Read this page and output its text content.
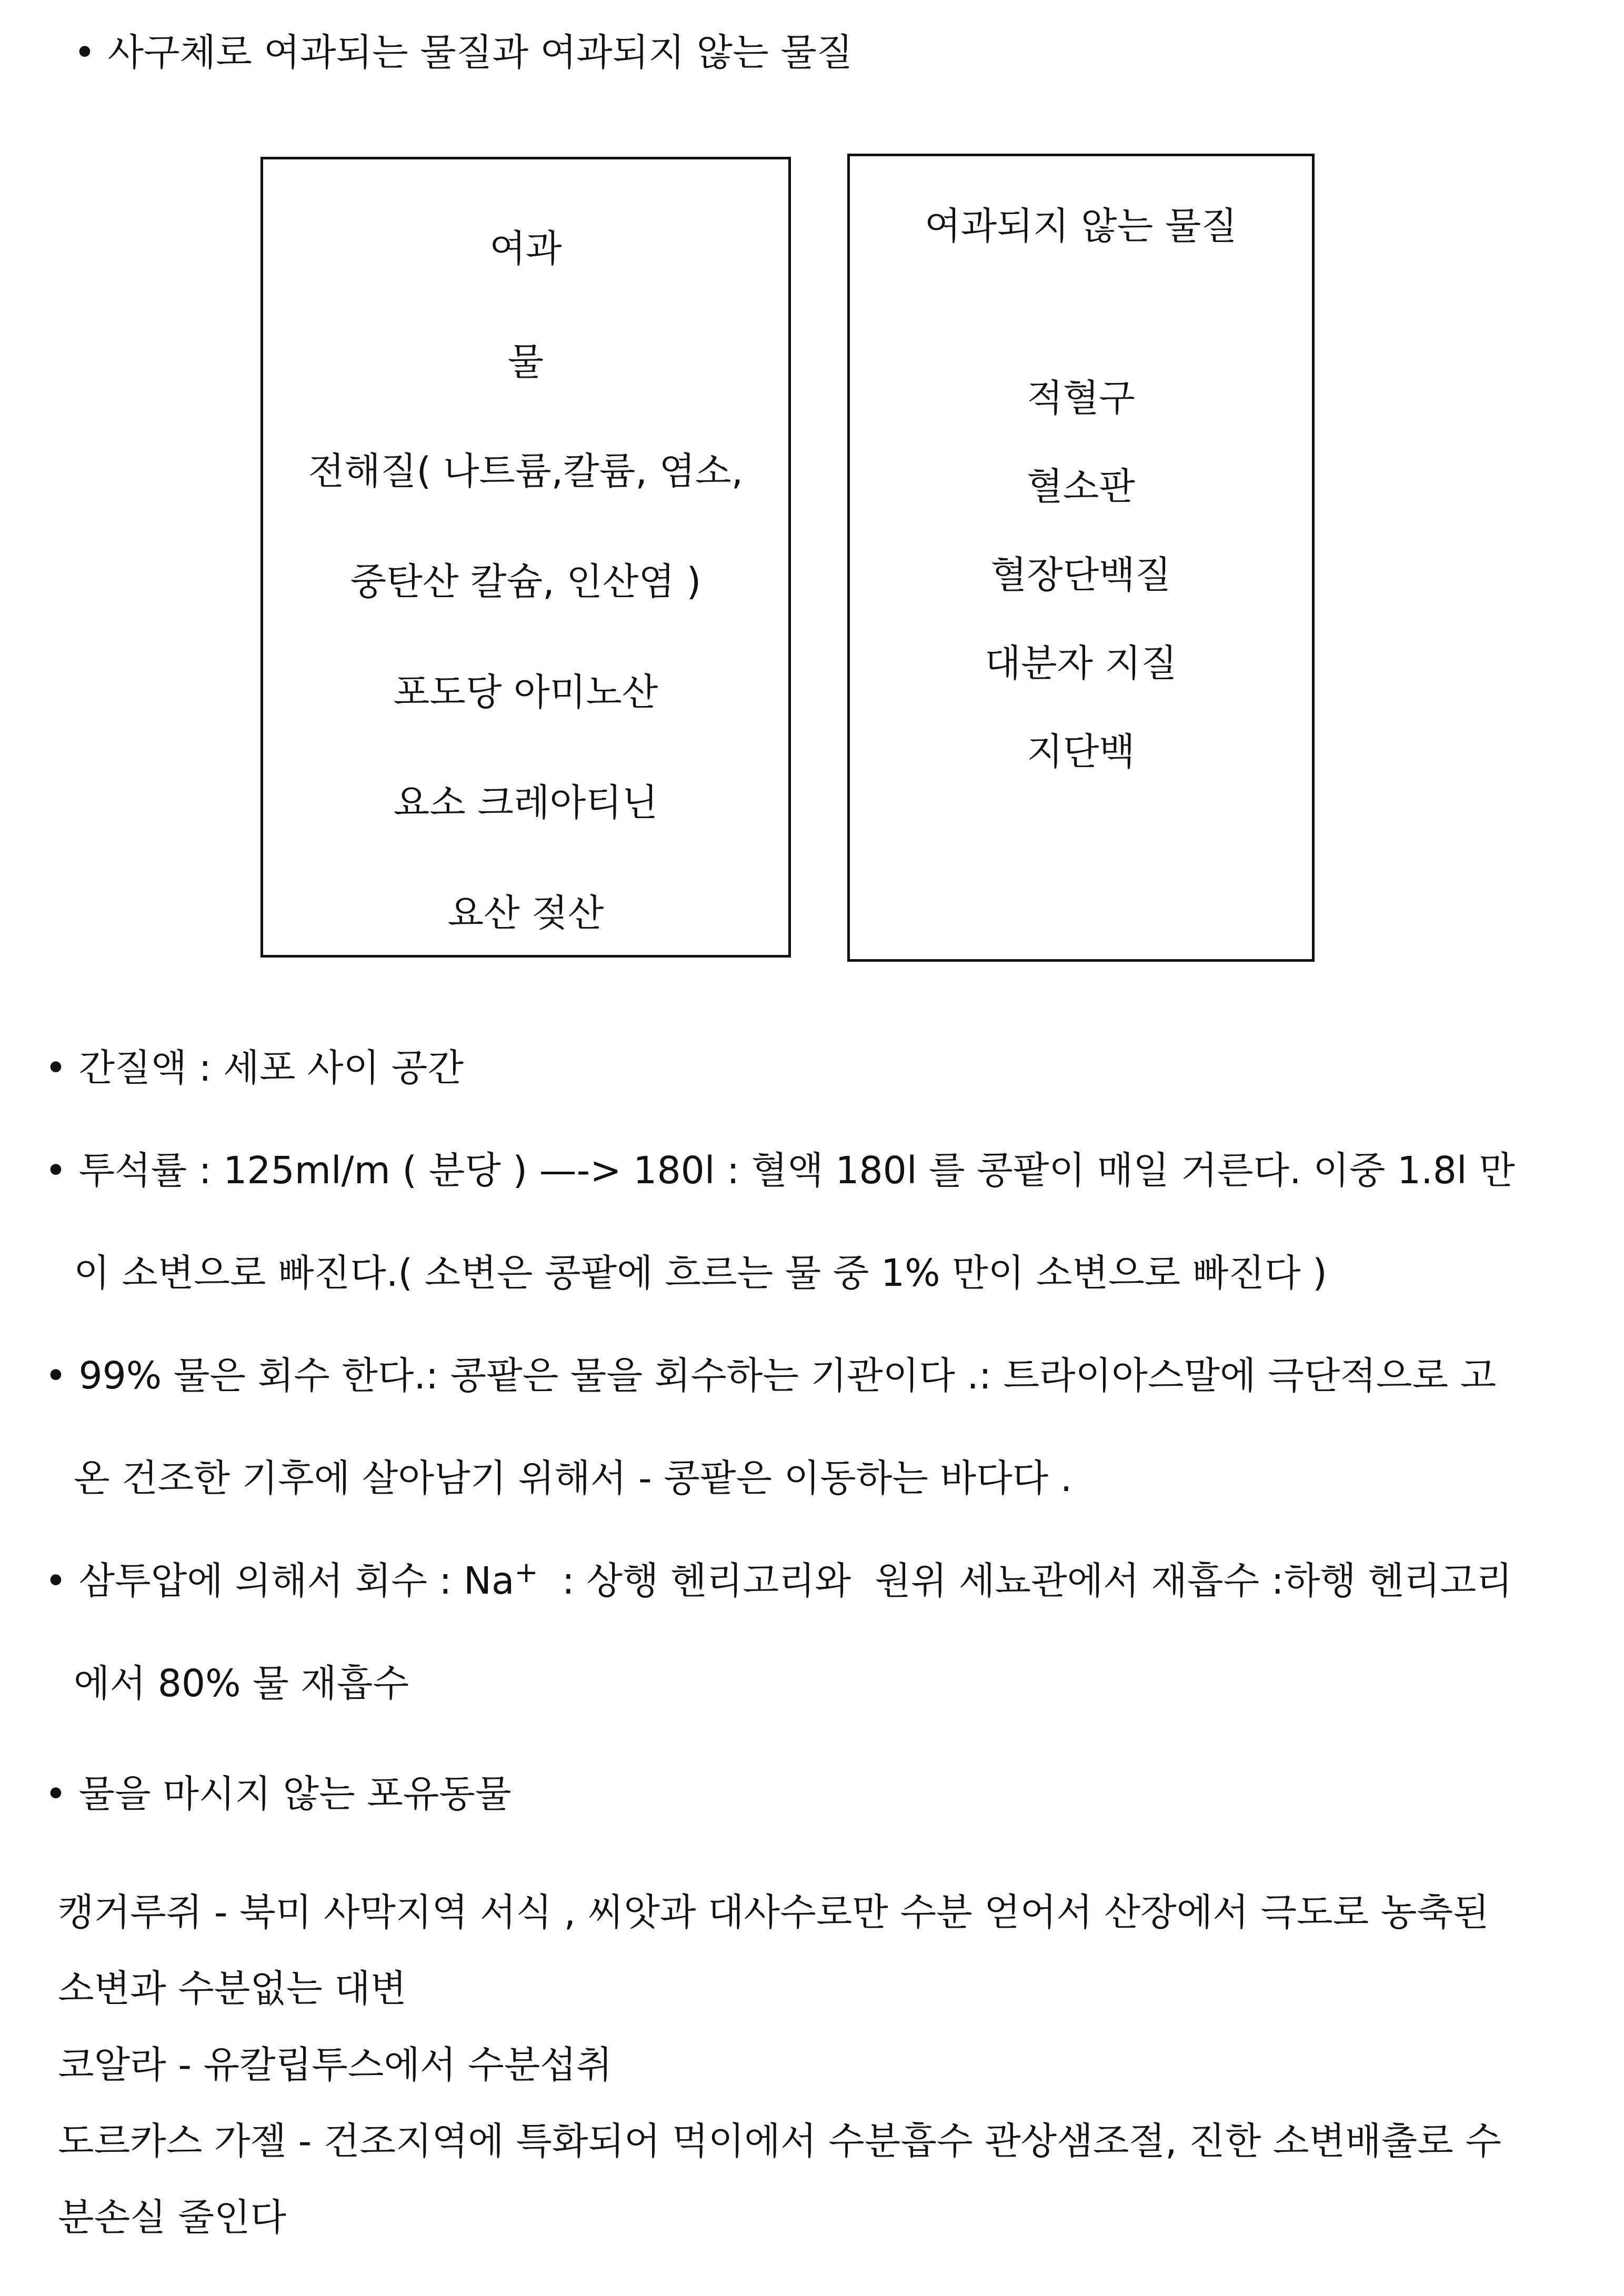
• 사구체로 여과되는 물질과 여과되지 않는 물질
여과
물
전해질( 나트륨,칼륨, 염소,
중탄산 칼슘, 인산염 )
포도당 아미노산
요소 크레아티닌
요산 젖산
여과되지 않는 물질
적혈구
혈소판
혈장단백질
대분자 지질
지단백
• 간질액 : 세포 사이 공간
• 투석률 : 125ml/m ( 분당 ) —-> 180l : 혈액 180l 를 콩팥이 매일 거른다. 이중 1.8l 만
이 소변으로 빠진다.( 소변은 콩팥에 흐르는 물 중 1% 만이 소변으로 빠진다 )
• 99% 물은 회수 한다.: 콩팥은 물을 회수하는 기관이다 .: 트라이아스말에 극단적으로 고
온 건조한 기후에 살아남기 위해서 - 콩팥은 이동하는 바다다 .
• 삼투압에 의해서 회수 : Na+  : 상행 헨리고리와  원위 세뇨관에서 재흡수 :하행 헨리고리
에서 80% 물 재흡수
• 물을 마시지 않는 포유동물
캥거루쥐 - 북미 사막지역 서식 , 씨앗과 대사수로만 수분 얻어서 산장에서 극도로 농축된
소변과 수분없는 대변
코알라 - 유칼립투스에서 수분섭취
도르카스 가젤 - 건조지역에 특화되어 먹이에서 수분흡수 관상샘조절, 진한 소변배출로 수
분손실 줄인다
